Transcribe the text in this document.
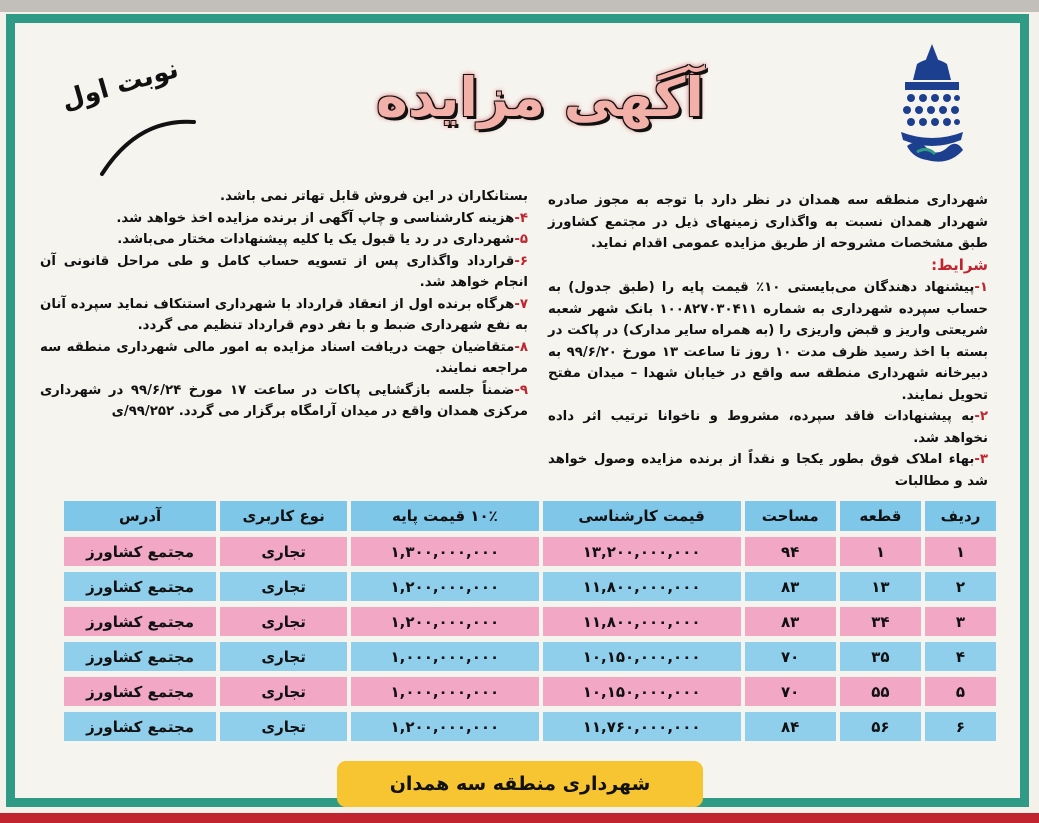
آگهی مزایده
نوبت اول

شهرداری منطقه سه همدان در نظر دارد با توجه به مجوز صادره شهردار همدان نسبت به واگذاری زمینهای ذیل در مجتمع کشاورز طبق مشخصات مشروحه از طریق مزایده عمومی اقدام نماید.

شرایط:

۱-پیشنهاد دهندگان می‌بایستی ۱۰٪ قیمت پایه را (طبق جدول) به حساب سپرده شهرداری به شماره ۱۰۰۸۲۷۰۳۰۴۱۱ بانک شهر شعبه شریعتی واریز و قبض واریزی را (به همراه سایر مدارک) در پاکت در بسته با اخذ رسید ظرف مدت ۱۰ روز تا ساعت ۱۳ مورخ ۹۹/۶/۲۰ به دبیرخانه شهرداری منطقه سه واقع در خیابان شهدا – میدان مفتح تحویل نمایند.

۲-به پیشنهادات فاقد سپرده، مشروط و ناخوانا ترتیب اثر داده نخواهد شد.

۳-بهاء املاک فوق بطور یکجا و نقداً از برنده مزایده وصول خواهد شد و مطالبات

بستانکاران در این فروش قابل تهاتر نمی باشد.

۴-هزینه کارشناسی و چاپ آگهی از برنده مزایده اخذ خواهد شد.

۵-شهرداری در رد یا قبول یک یا کلیه پیشنهادات مختار می‌باشد.

۶-قرارداد واگذاری پس از تسویه حساب کامل و طی مراحل قانونی آن انجام خواهد شد.

۷-هرگاه برنده اول از انعقاد قرارداد با شهرداری استنکاف نماید سپرده آنان به نفع شهرداری ضبط و با نفر دوم قرارداد تنظیم می گردد.

۸-متقاضیان جهت دریافت اسناد مزایده به امور مالی شهرداری منطقه سه مراجعه نمایند.

۹-ضمناً جلسه بازگشایی پاکات در ساعت ۱۷ مورخ ۹۹/۶/۲۴ در شهرداری مرکزی همدان واقع در میدان آرامگاه برگزار می گردد. ۹۹/۲۵۲/ی

ردیف	قطعه	مساحت	قیمت کارشناسی	۱۰٪ قیمت پایه	نوع کاربری	آدرس
۱	۱	۹۴	۱۳,۲۰۰,۰۰۰,۰۰۰	۱,۳۰۰,۰۰۰,۰۰۰	تجاری	مجتمع کشاورز
۲	۱۳	۸۳	۱۱,۸۰۰,۰۰۰,۰۰۰	۱,۲۰۰,۰۰۰,۰۰۰	تجاری	مجتمع کشاورز
۳	۳۴	۸۳	۱۱,۸۰۰,۰۰۰,۰۰۰	۱,۲۰۰,۰۰۰,۰۰۰	تجاری	مجتمع کشاورز
۴	۳۵	۷۰	۱۰,۱۵۰,۰۰۰,۰۰۰	۱,۰۰۰,۰۰۰,۰۰۰	تجاری	مجتمع کشاورز
۵	۵۵	۷۰	۱۰,۱۵۰,۰۰۰,۰۰۰	۱,۰۰۰,۰۰۰,۰۰۰	تجاری	مجتمع کشاورز
۶	۵۶	۸۴	۱۱,۷۶۰,۰۰۰,۰۰۰	۱,۲۰۰,۰۰۰,۰۰۰	تجاری	مجتمع کشاورز
شهرداری منطقه سه همدان
